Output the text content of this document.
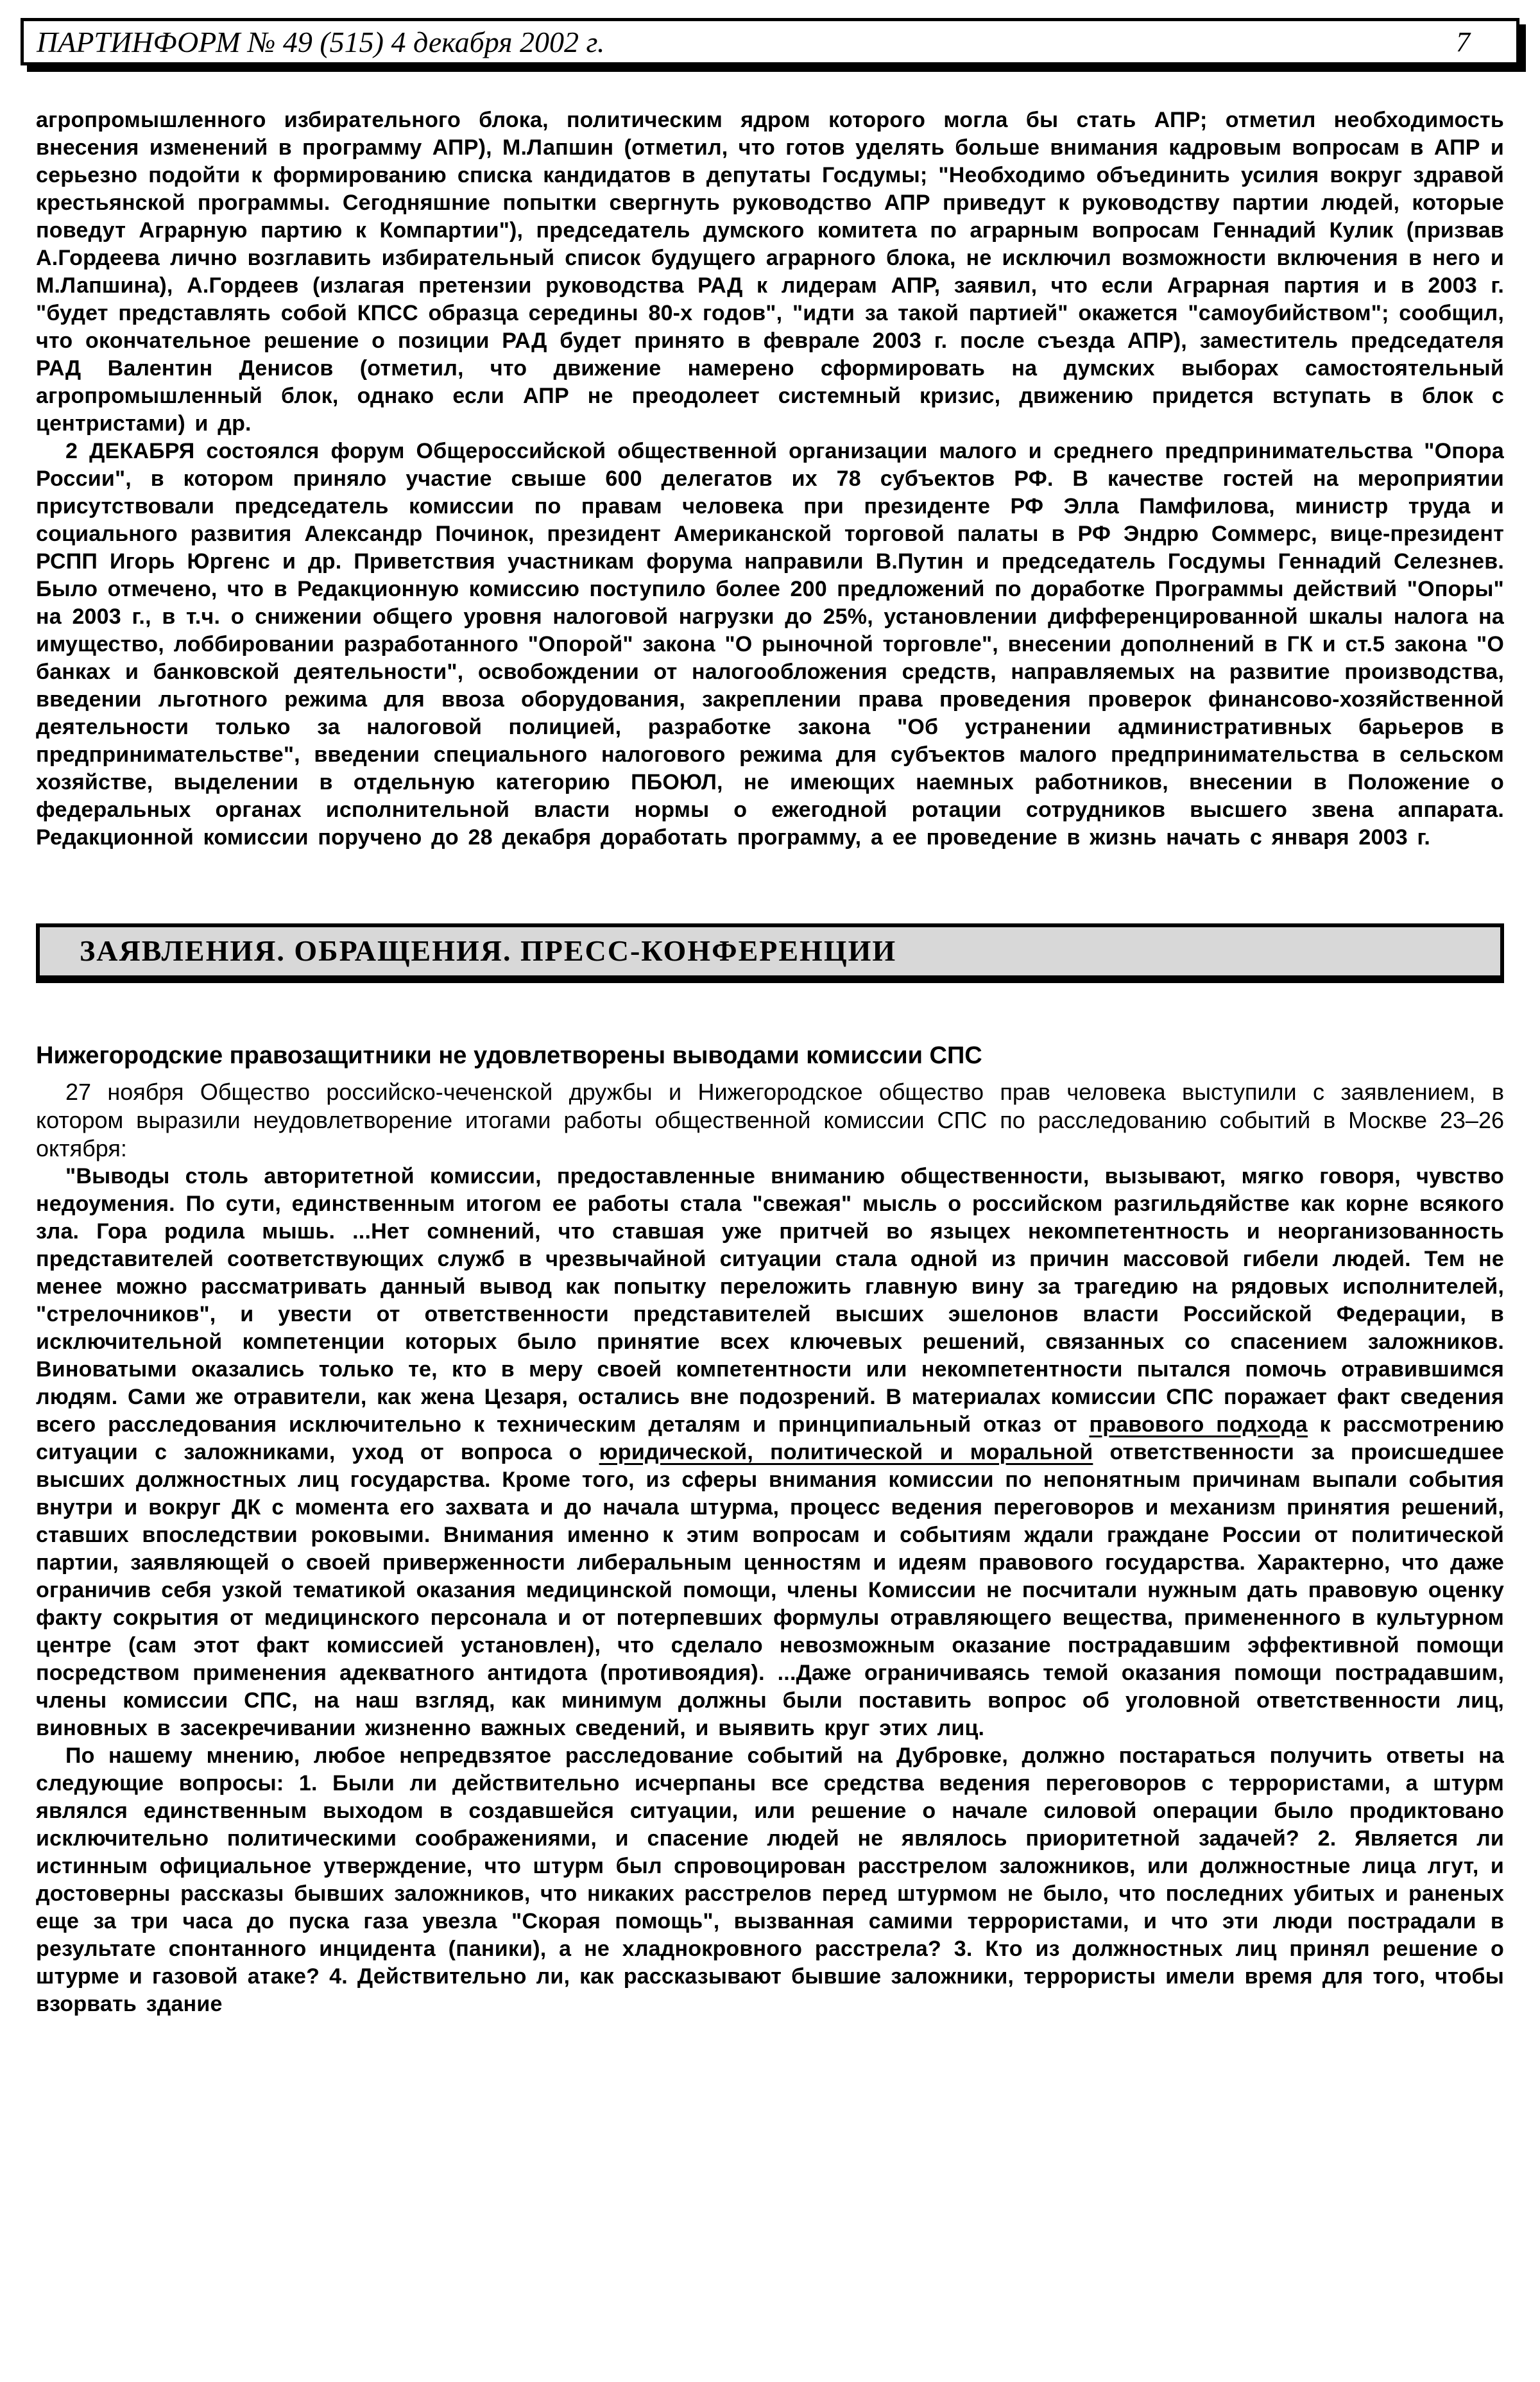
ПАРТИНФОРМ № 49 (515) 4 декабря 2002 г.	7

агропромышленного избирательного блока, политическим ядром которого могла бы стать АПР; отметил необходимость внесения изменений в программу АПР), М.Лапшин (отметил, что готов уделять больше внимания кадровым вопросам в АПР и серьезно подойти к формированию списка кандидатов в депутаты Госдумы; "Необходимо объединить усилия вокруг здравой крестьянской программы. Сегодняшние попытки свергнуть руководство АПР приведут к руководству партии людей, которые поведут Аграрную партию к Компартии"), председатель думского комитета по аграрным вопросам Геннадий Кулик (призвав А.Гордеева лично возглавить избирательный список будущего аграрного блока, не исключил возможности включения в него и М.Лапшина), А.Гордеев (излагая претензии руководства РАД к лидерам АПР, заявил, что если Аграрная партия и в 2003 г. "будет представлять собой КПСС образца середины 80-х годов", "идти за такой партией" окажется "самоубийством"; сообщил, что окончательное решение о позиции РАД будет принято в феврале 2003 г. после съезда АПР), заместитель председателя РАД Валентин Денисов (отметил, что движение намерено сформировать на думских выборах самостоятельный агропромышленный блок, однако если АПР не преодолеет системный кризис, движению придется вступать в блок с центристами) и др.

2 ДЕКАБРЯ состоялся форум Общероссийской общественной организации малого и среднего предпринимательства "Опора России", в котором приняло участие свыше 600 делегатов их 78 субъектов РФ. В качестве гостей на мероприятии присутствовали председатель комиссии по правам человека при президенте РФ Элла Памфилова, министр труда и социального развития Александр Починок, президент Американской торговой палаты в РФ Эндрю Соммерс, вице-президент РСПП Игорь Юргенс и др. Приветствия участникам форума направили В.Путин и председатель Госдумы Геннадий Селезнев. Было отмечено, что в Редакционную комиссию поступило более 200 предложений по доработке Программы действий "Опоры" на 2003 г., в т.ч. о снижении общего уровня налоговой нагрузки до 25%, установлении дифференцированной шкалы налога на имущество, лоббировании разработанного "Опорой" закона "О рыночной торговле", внесении дополнений в ГК и ст.5 закона "О банках и банковской деятельности", освобождении от налогообложения средств, направляемых на развитие производства, введении льготного режима для ввоза оборудования, закреплении права проведения проверок финансово-хозяйственной деятельности только за налоговой полицией, разработке закона "Об устранении административных барьеров в предпринимательстве", введении специального налогового режима для субъектов малого предпринимательства в сельском хозяйстве, выделении в отдельную категорию ПБОЮЛ, не имеющих наемных работников, внесении в Положение о федеральных органах исполнительной власти нормы о ежегодной ротации сотрудников высшего звена аппарата. Редакционной комиссии поручено до 28 декабря доработать программу, а ее проведение в жизнь начать с января 2003 г.

ЗАЯВЛЕНИЯ. ОБРАЩЕНИЯ. ПРЕСС-КОНФЕРЕНЦИИ
Нижегородские правозащитники не удовлетворены выводами комиссии СПС

27 ноября Общество российско-чеченской дружбы и Нижегородское общество прав человека выступили с заявлением, в котором выразили неудовлетворение итогами работы общественной комиссии СПС по расследованию событий в Москве 23–26 октября:

"Выводы столь авторитетной комиссии, предоставленные вниманию общественности, вызывают, мягко говоря, чувство недоумения. По сути, единственным итогом ее работы стала "свежая" мысль о российском разгильдяйстве как корне всякого зла. Гора родила мышь. ...Нет сомнений, что ставшая уже притчей во языцех некомпетентность и неорганизованность представителей соответствующих служб в чрезвычайной ситуации стала одной из причин массовой гибели людей. Тем не менее можно рассматривать данный вывод как попытку переложить главную вину за трагедию на рядовых исполнителей, "стрелочников", и увести от ответственности представителей высших эшелонов власти Российской Федерации, в исключительной компетенции которых было принятие всех ключевых решений, связанных со спасением заложников. Виноватыми оказались только те, кто в меру своей компетентности или некомпетентности пытался помочь отравившимся людям. Сами же отравители, как жена Цезаря, остались вне подозрений. В материалах комиссии СПС поражает факт сведения всего расследования исключительно к техническим деталям и принципиальный отказ от правового подхода к рассмотрению ситуации с заложниками, уход от вопроса о юридической, политической и моральной ответственности за происшедшее высших должностных лиц государства. Кроме того, из сферы внимания комиссии по непонятным причинам выпали события внутри и вокруг ДК с момента его захвата и до начала штурма, процесс ведения переговоров и механизм принятия решений, ставших впоследствии роковыми. Внимания именно к этим вопросам и событиям ждали граждане России от политической партии, заявляющей о своей приверженности либеральным ценностям и идеям правового государства. Характерно, что даже ограничив себя узкой тематикой оказания медицинской помощи, члены Комиссии не посчитали нужным дать правовую оценку факту сокрытия от медицинского персонала и от потерпевших формулы отравляющего вещества, примененного в культурном центре (сам этот факт комиссией установлен), что сделало невозможным оказание пострадавшим эффективной помощи посредством применения адекватного антидота (противоядия). ...Даже ограничиваясь темой оказания помощи пострадавшим, члены комиссии СПС, на наш взгляд, как минимум должны были поставить вопрос об уголовной ответственности лиц, виновных в засекречивании жизненно важных сведений, и выявить круг этих лиц.

По нашему мнению, любое непредвзятое расследование событий на Дубровке, должно постараться получить ответы на следующие вопросы: 1. Были ли действительно исчерпаны все средства ведения переговоров с террористами, а штурм являлся единственным выходом в создавшейся ситуации, или решение о начале силовой операции было продиктовано исключительно политическими соображениями, и спасение людей не являлось приоритетной задачей? 2. Является ли истинным официальное утверждение, что штурм был спровоцирован расстрелом заложников, или должностные лица лгут, и достоверны рассказы бывших заложников, что никаких расстрелов перед штурмом не было, что последних убитых и раненых еще за три часа до пуска газа увезла "Скорая помощь", вызванная самими террористами, и что эти люди пострадали в результате спонтанного инцидента (паники), а не хладнокровного расстрела? 3. Кто из должностных лиц принял решение о штурме и газовой атаке? 4. Действительно ли, как рассказывают бывшие заложники, террористы имели время для того, чтобы взорвать здание
